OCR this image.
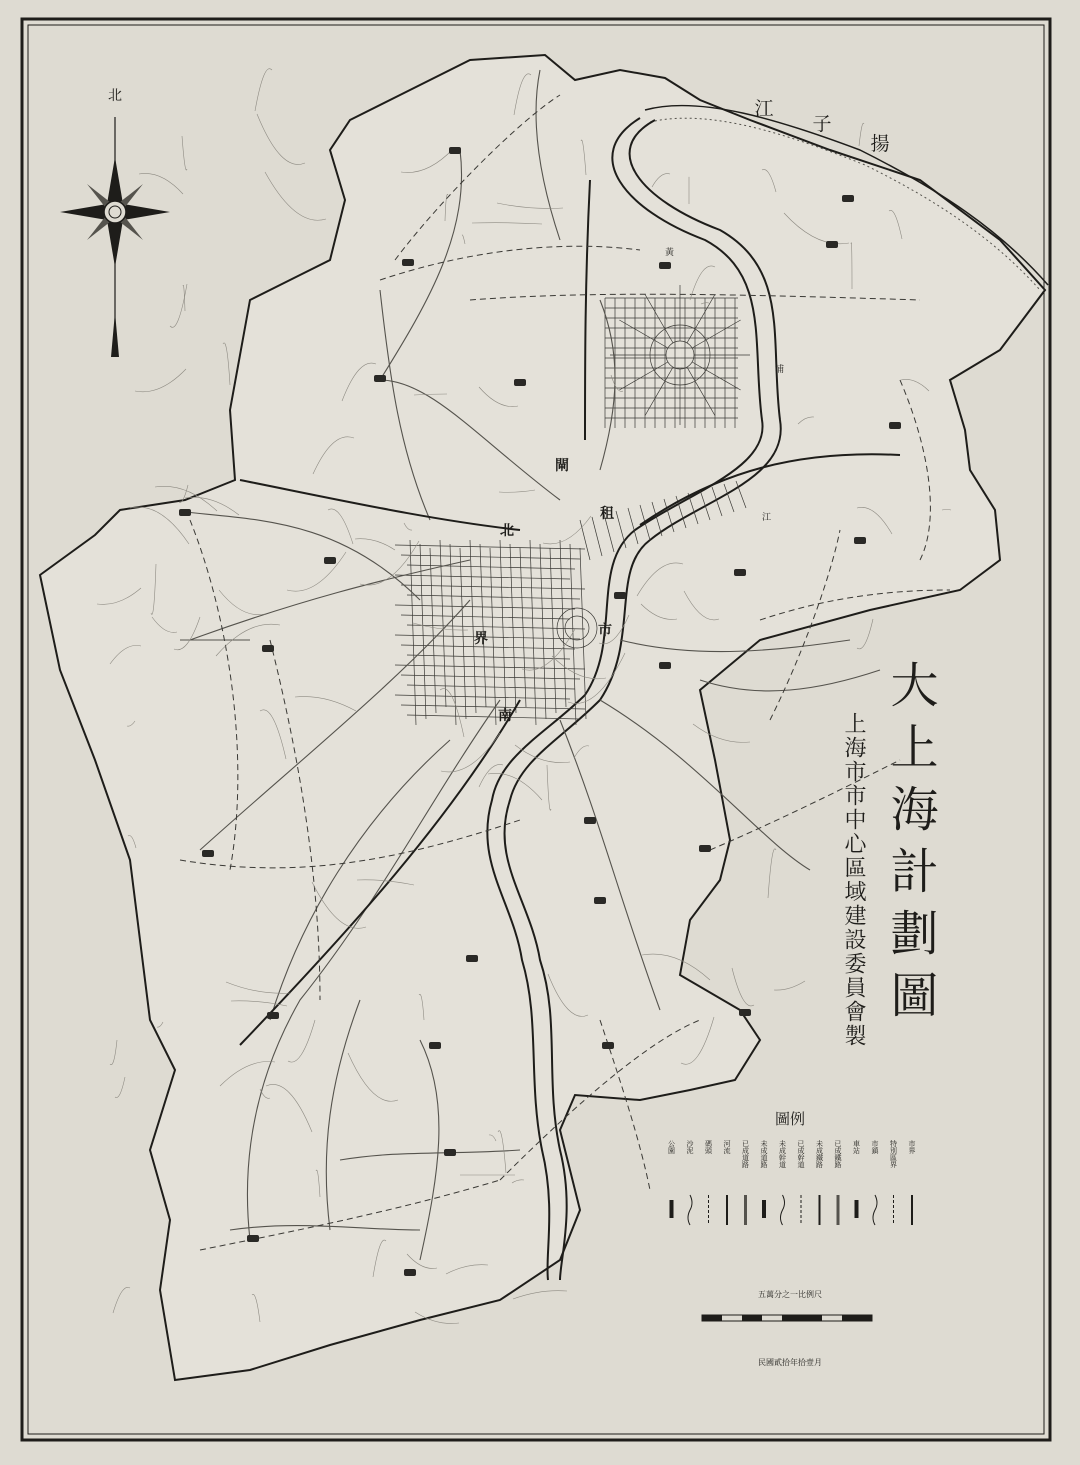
北
揚
子
江
黃
浦
江
北
閘
租
界
南
市
圖例
市界
特別區界
市鎮
車站
已成鐵路
未成鐵路
已成幹道
未成幹道
未成道路
已成道路
河流
碼頭
沙泥
公園
五萬分之一比例尺
民國貳拾年拾壹月
大上海計劃圖
上海市市中心區域建設委員會製
